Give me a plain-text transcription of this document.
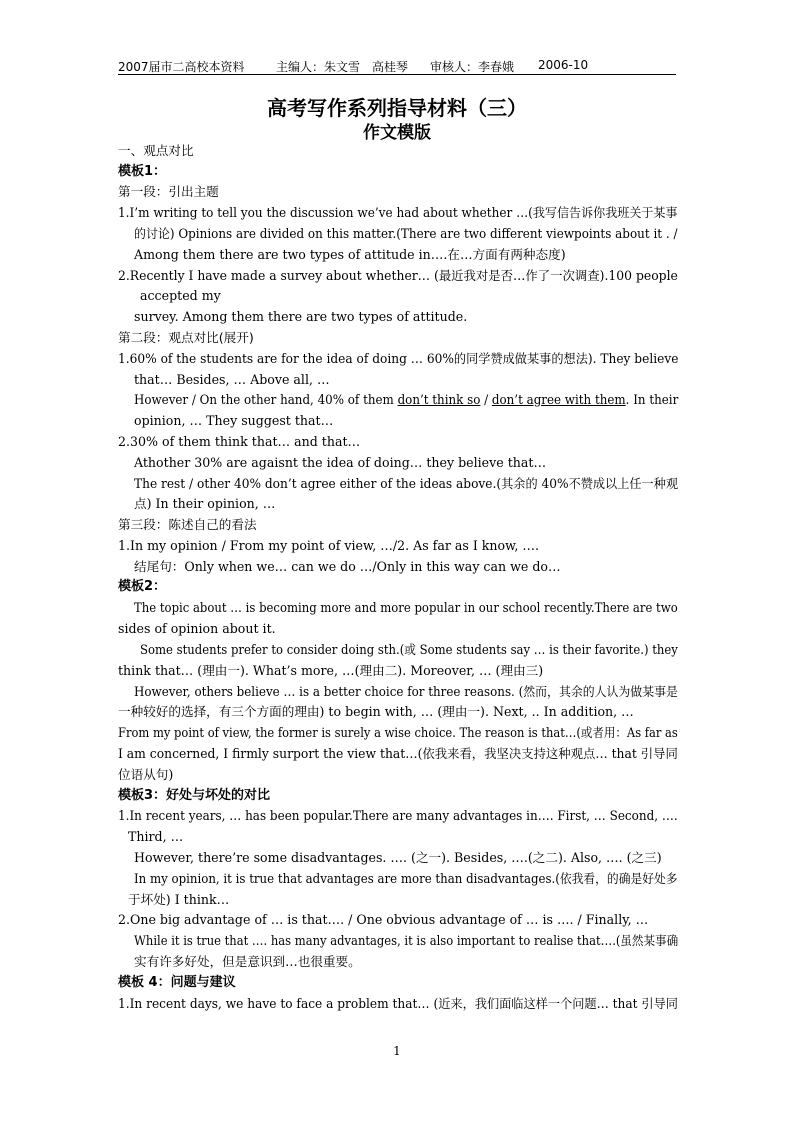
2007届市二高校本资料	主编人：朱文雪　高桂琴 审核人：李春娥 2006-10
高考写作系列指导材料（三）
作文模版
一、观点对比
模板1：
第一段：引出主题
1.I’m writing to tell you the discussion we’ve had about whether …(我写信告诉你我班关于某事
的讨论) Opinions are divided on this matter.(There are two different viewpoints about it . /
Among them there are two types of attitude in….在…方面有两种态度)
2.Recently I have made a survey about whether… (最近我对是否…作了一次调查).100 people
accepted my
survey. Among them there are two types of attitude.
第二段：观点对比(展开)
1.60% of the students are for the idea of doing … 60%的同学赞成做某事的想法). They believe
that… Besides, … Above all, …
However / On the other hand, 40% of them don’t think so / don’t agree with them. In their
opinion, … They suggest that…
2.30% of them think that… and that…
Athother 30% are agaisnt the idea of doing… they believe that…
The rest / other 40% don’t agree either of the ideas above.(其余的 40%不赞成以上任一种观
点) In their opinion, …
第三段：陈述自己的看法
1.In my opinion / From my point of view, …/2. As far as I know, ….
结尾句：Only when we… can we do …/Only in this way can we do…
模板2：
The topic about … is becoming more and more popular in our school recently.There are two
sides of opinion about it.
Some students prefer to consider doing sth.(或 Some students say … is their favorite.) they
think that… (理由一). What’s more, …(理由二). Moreover, … (理由三)
However, others believe … is a better choice for three reasons. (然而，其余的人认为做某事是
一种较好的选择，有三个方面的理由) to begin with, … (理由一). Next, .. In addition, …
From my point of view, the former is surely a wise choice. The reason is that…(或者用：As far as
I am concerned, I firmly surport the view that…(依我来看，我坚决支持这种观点… that 引导同
位语从句)
模板3：好处与坏处的对比
1.In recent years, … has been popular.There are many advantages in…. First, … Second, ….
Third, …
However, there’re some disadvantages. …. (之一). Besides, ….(之二). Also, …. (之三)
In my opinion, it is true that advantages are more than disadvantages.(依我看，的确是好处多
于坏处) I think…
2.One big advantage of … is that…. / One obvious advantage of … is …. / Finally, …
While it is true that …. has many advantages, it is also important to realise that….(虽然某事确
实有许多好处，但是意识到…也很重要。
模板 4：问题与建议
1.In recent days, we have to face a problem that… (近来，我们面临这样一个问题… that 引导同
1
